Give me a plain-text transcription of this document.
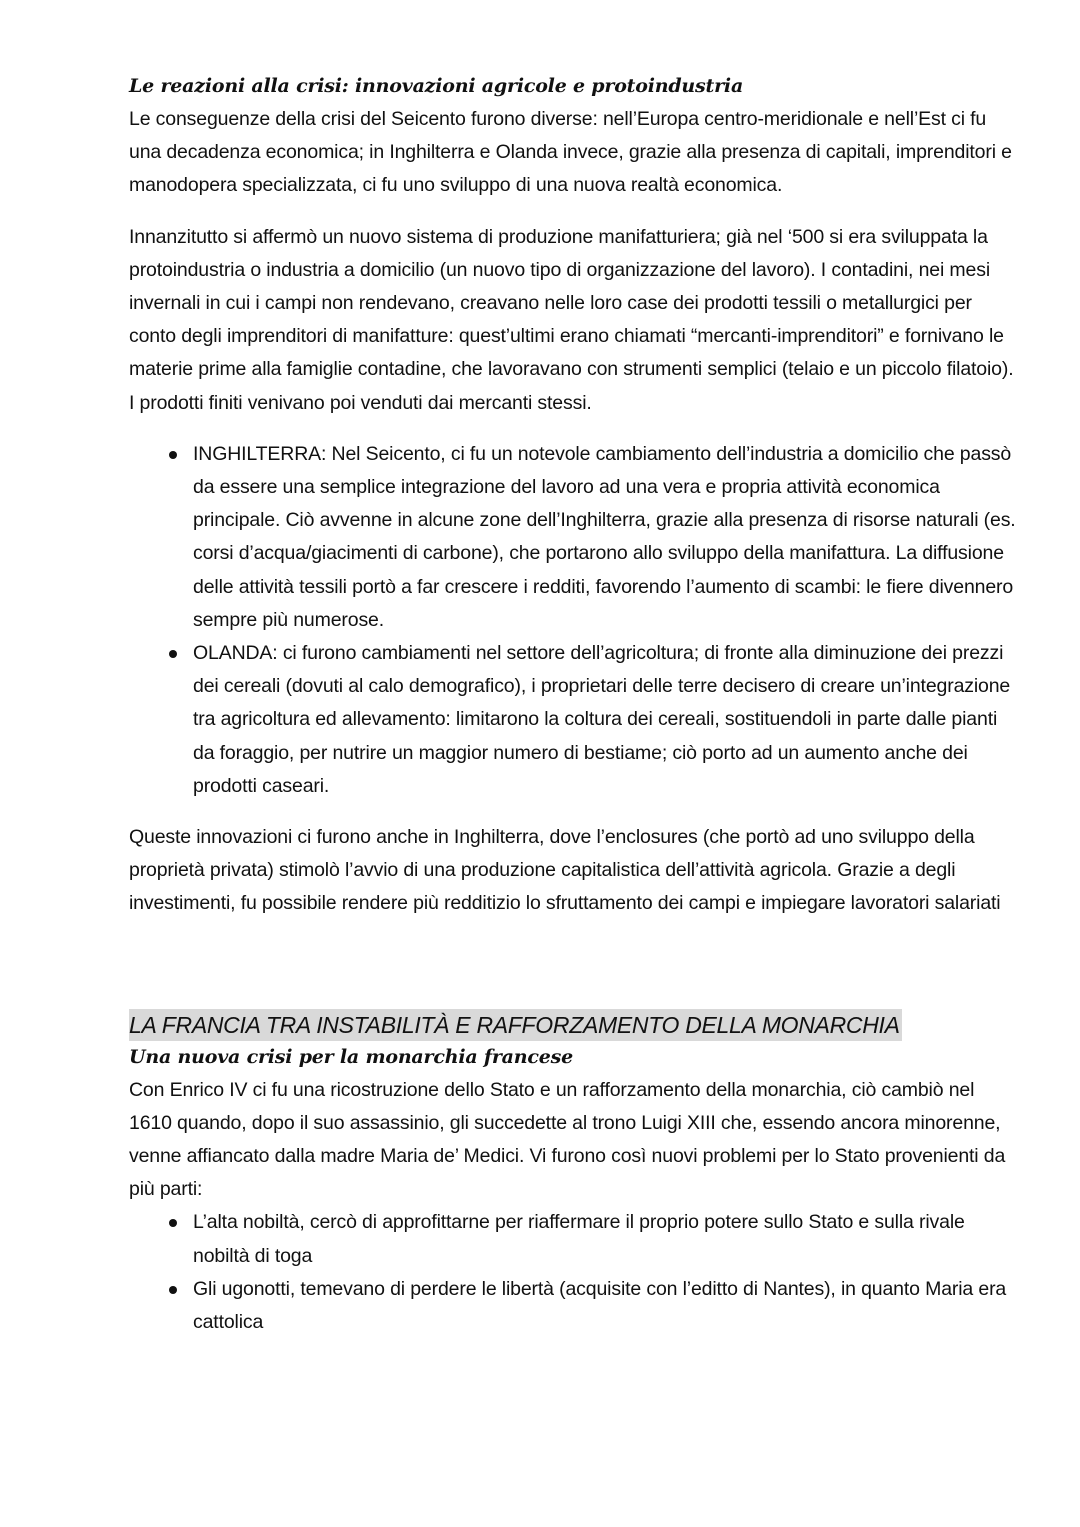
Le reazioni alla crisi: innovazioni agricole e protoindustria

Le conseguenze della crisi del Seicento furono diverse: nell’Europa centro-meridionale e nell’Est ci fu una decadenza economica; in Inghilterra e Olanda invece, grazie alla presenza di capitali, imprenditori e manodopera specializzata, ci fu uno sviluppo di una nuova realtà economica.

Innanzitutto si affermò un nuovo sistema di produzione manifatturiera; già nel ‘500 si era sviluppata la protoindustria o industria a domicilio (un nuovo tipo di organizzazione del lavoro). I contadini, nei mesi invernali in cui i campi non rendevano, creavano nelle loro case dei prodotti tessili o metallurgici per conto degli imprenditori di manifatture: quest’ultimi erano chiamati “mercanti-imprenditori” e fornivano le materie prime alla famiglie contadine, che lavoravano con strumenti semplici (telaio e un piccolo filatoio). I prodotti finiti venivano poi venduti dai mercanti stessi.

INGHILTERRA: Nel Seicento, ci fu un notevole cambiamento dell’industria a domicilio che passò da essere una semplice integrazione del lavoro ad una vera e propria attività economica principale. Ciò avvenne in alcune zone dell’Inghilterra, grazie alla presenza di risorse naturali (es. corsi d’acqua/giacimenti di carbone), che portarono allo sviluppo della manifattura. La diffusione delle attività tessili portò a far crescere i redditi, favorendo l’aumento di scambi: le fiere divennero sempre più numerose.
OLANDA: ci furono cambiamenti nel settore dell’agricoltura; di fronte alla diminuzione dei prezzi dei cereali (dovuti al calo demografico), i proprietari delle terre decisero di creare un’integrazione tra agricoltura ed allevamento: limitarono la coltura dei cereali, sostituendoli in parte dalle pianti da foraggio, per nutrire un maggior numero di bestiame; ciò porto ad un aumento anche dei prodotti caseari.

Queste innovazioni ci furono anche in Inghilterra, dove l’enclosures (che portò ad uno sviluppo della proprietà privata) stimolò l’avvio di una produzione capitalistica dell’attività agricola. Grazie a degli investimenti, fu possibile rendere più redditizio lo sfruttamento dei campi e impiegare lavoratori salariati

LA FRANCIA TRA INSTABILITÀ E RAFFORZAMENTO DELLA MONARCHIA
Una nuova crisi per la monarchia francese

Con Enrico IV ci fu una ricostruzione dello Stato e un rafforzamento della monarchia, ciò cambiò nel 1610 quando, dopo il suo assassinio, gli succedette al trono Luigi XIII che, essendo ancora minorenne, venne affiancato dalla madre Maria de’ Medici. Vi furono così nuovi problemi per lo Stato provenienti da più parti:

L’alta nobiltà, cercò di approfittarne per riaffermare il proprio potere sullo Stato e sulla rivale nobiltà di toga
Gli ugonotti, temevano di perdere le libertà (acquisite con l’editto di Nantes), in quanto Maria era cattolica
